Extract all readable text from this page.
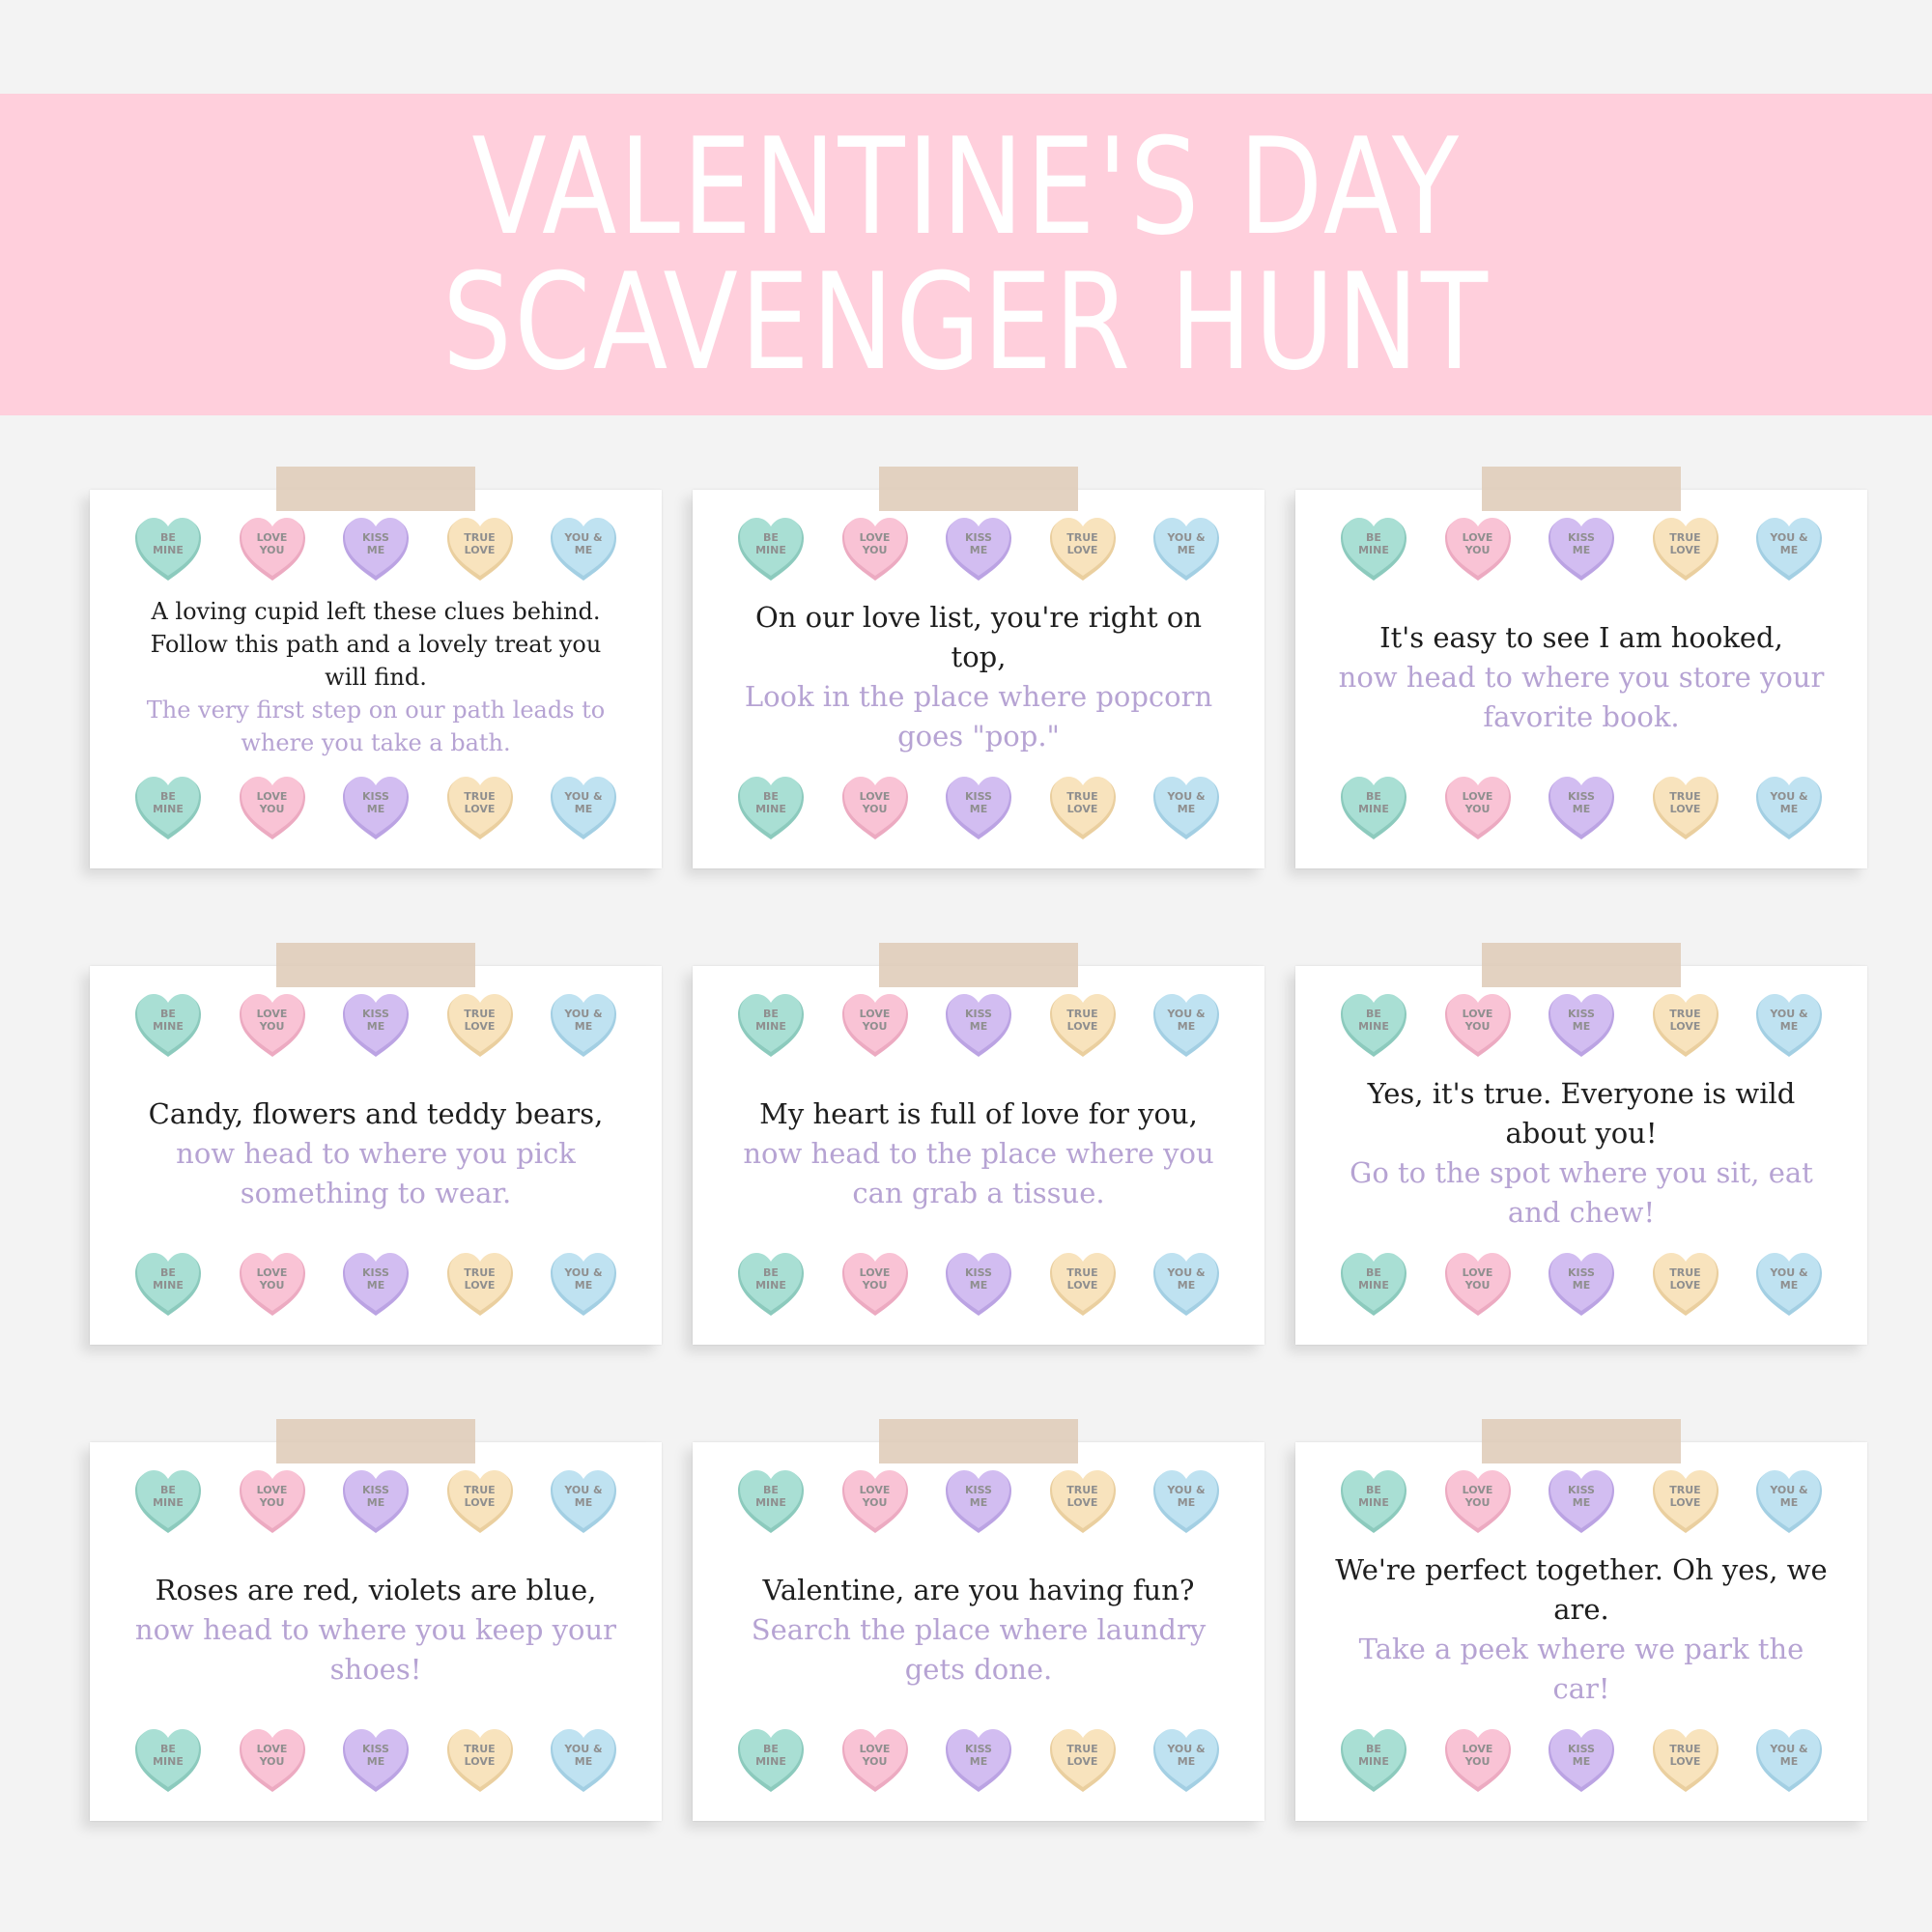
VALENTINE'S DAY
SCAVENGER HUNT
BE
MINE
LOVE
YOU
KISS
ME
TRUE
LOVE
YOU &
ME
BE
MINE
LOVE
YOU
KISS
ME
TRUE
LOVE
YOU &
ME
A loving cupid left these clues behind. Follow this path and a lovely treat you will find.
The very first step on our path leads to where you take a bath.
BE
MINE
LOVE
YOU
KISS
ME
TRUE
LOVE
YOU &
ME
BE
MINE
LOVE
YOU
KISS
ME
TRUE
LOVE
YOU &
ME
On our love list, you're right on top,
Look in the place where popcorn goes "pop."
BE
MINE
LOVE
YOU
KISS
ME
TRUE
LOVE
YOU &
ME
BE
MINE
LOVE
YOU
KISS
ME
TRUE
LOVE
YOU &
ME
It's easy to see I am hooked,
now head to where you store your favorite book.
BE
MINE
LOVE
YOU
KISS
ME
TRUE
LOVE
YOU &
ME
BE
MINE
LOVE
YOU
KISS
ME
TRUE
LOVE
YOU &
ME
Candy, flowers and teddy bears,
now head to where you pick something to wear.
BE
MINE
LOVE
YOU
KISS
ME
TRUE
LOVE
YOU &
ME
BE
MINE
LOVE
YOU
KISS
ME
TRUE
LOVE
YOU &
ME
My heart is full of love for you,
now head to the place where you can grab a tissue.
BE
MINE
LOVE
YOU
KISS
ME
TRUE
LOVE
YOU &
ME
BE
MINE
LOVE
YOU
KISS
ME
TRUE
LOVE
YOU &
ME
Yes, it's true. Everyone is wild about you!
Go to the spot where you sit, eat and chew!
BE
MINE
LOVE
YOU
KISS
ME
TRUE
LOVE
YOU &
ME
BE
MINE
LOVE
YOU
KISS
ME
TRUE
LOVE
YOU &
ME
Roses are red, violets are blue,
now head to where you keep your shoes!
BE
MINE
LOVE
YOU
KISS
ME
TRUE
LOVE
YOU &
ME
BE
MINE
LOVE
YOU
KISS
ME
TRUE
LOVE
YOU &
ME
Valentine, are you having fun?
Search the place where laundry gets done.
BE
MINE
LOVE
YOU
KISS
ME
TRUE
LOVE
YOU &
ME
BE
MINE
LOVE
YOU
KISS
ME
TRUE
LOVE
YOU &
ME
We're perfect together. Oh yes, we are.
Take a peek where we park the car!
